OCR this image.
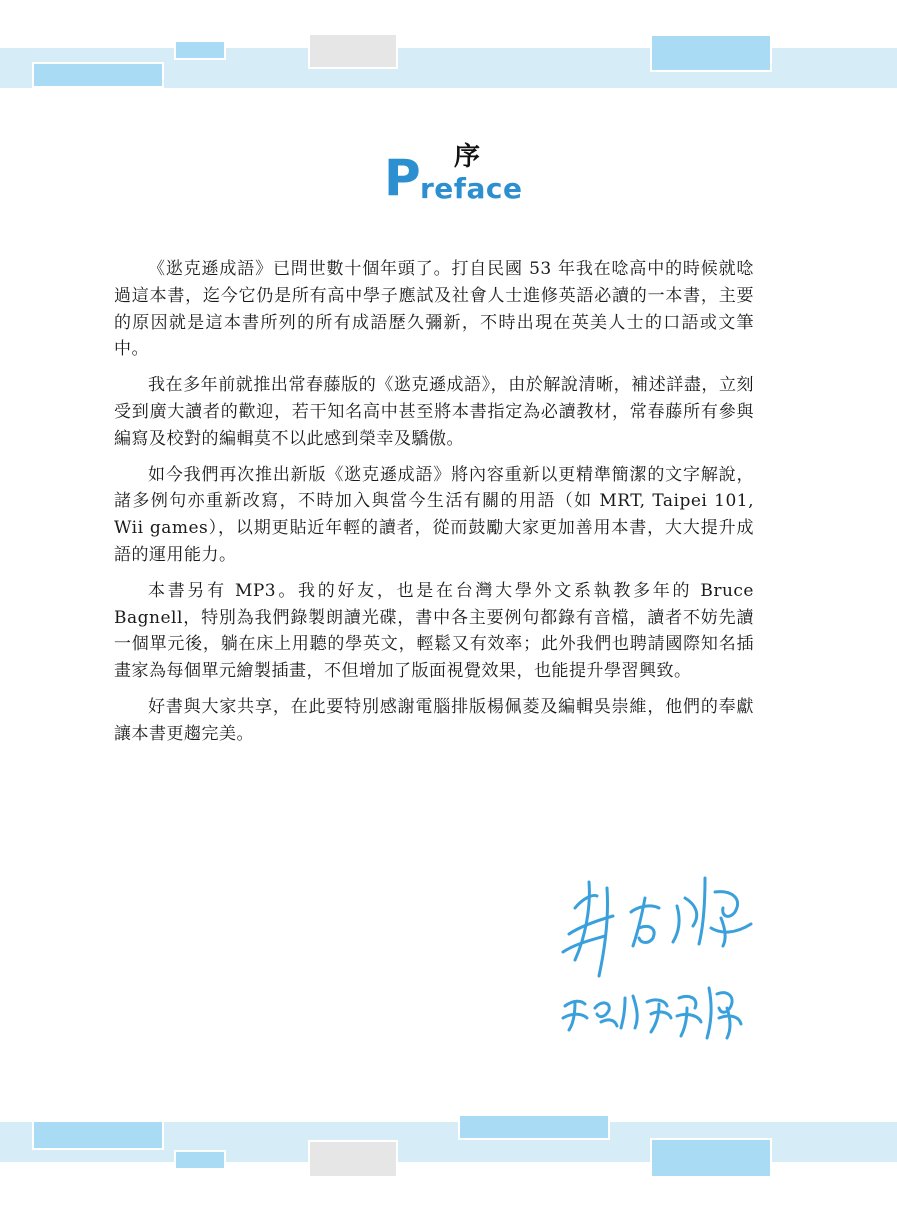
序
P reface

《逖克遜成語》已問世數十個年頭了。打自民國 53 年我在唸高中的時候就唸過這本書，迄今它仍是所有高中學子應試及社會人士進修英語必讀的一本書，主要的原因就是這本書所列的所有成語歷久彌新，不時出現在英美人士的口語或文筆中。

我在多年前就推出常春藤版的《逖克遜成語》，由於解說清晰，補述詳盡，立刻受到廣大讀者的歡迎，若干知名高中甚至將本書指定為必讀教材，常春藤所有參與編寫及校對的編輯莫不以此感到榮幸及驕傲。

如今我們再次推出新版《逖克遜成語》將內容重新以更精準簡潔的文字解說，諸多例句亦重新改寫，不時加入與當今生活有關的用語（如 MRT, Taipei 101, Wii games），以期更貼近年輕的讀者，從而鼓勵大家更加善用本書，大大提升成語的運用能力。

本書另有 MP3。我的好友，也是在台灣大學外文系執教多年的 Bruce Bagnell，特別為我們錄製朗讀光碟，書中各主要例句都錄有音檔，讀者不妨先讀一個單元後，躺在床上用聽的學英文，輕鬆又有效率；此外我們也聘請國際知名插畫家為每個單元繪製插畫，不但增加了版面視覺效果，也能提升學習興致。

好書與大家共享，在此要特別感謝電腦排版楊佩菱及編輯吳崇維，他們的奉獻讓本書更趨完美。
